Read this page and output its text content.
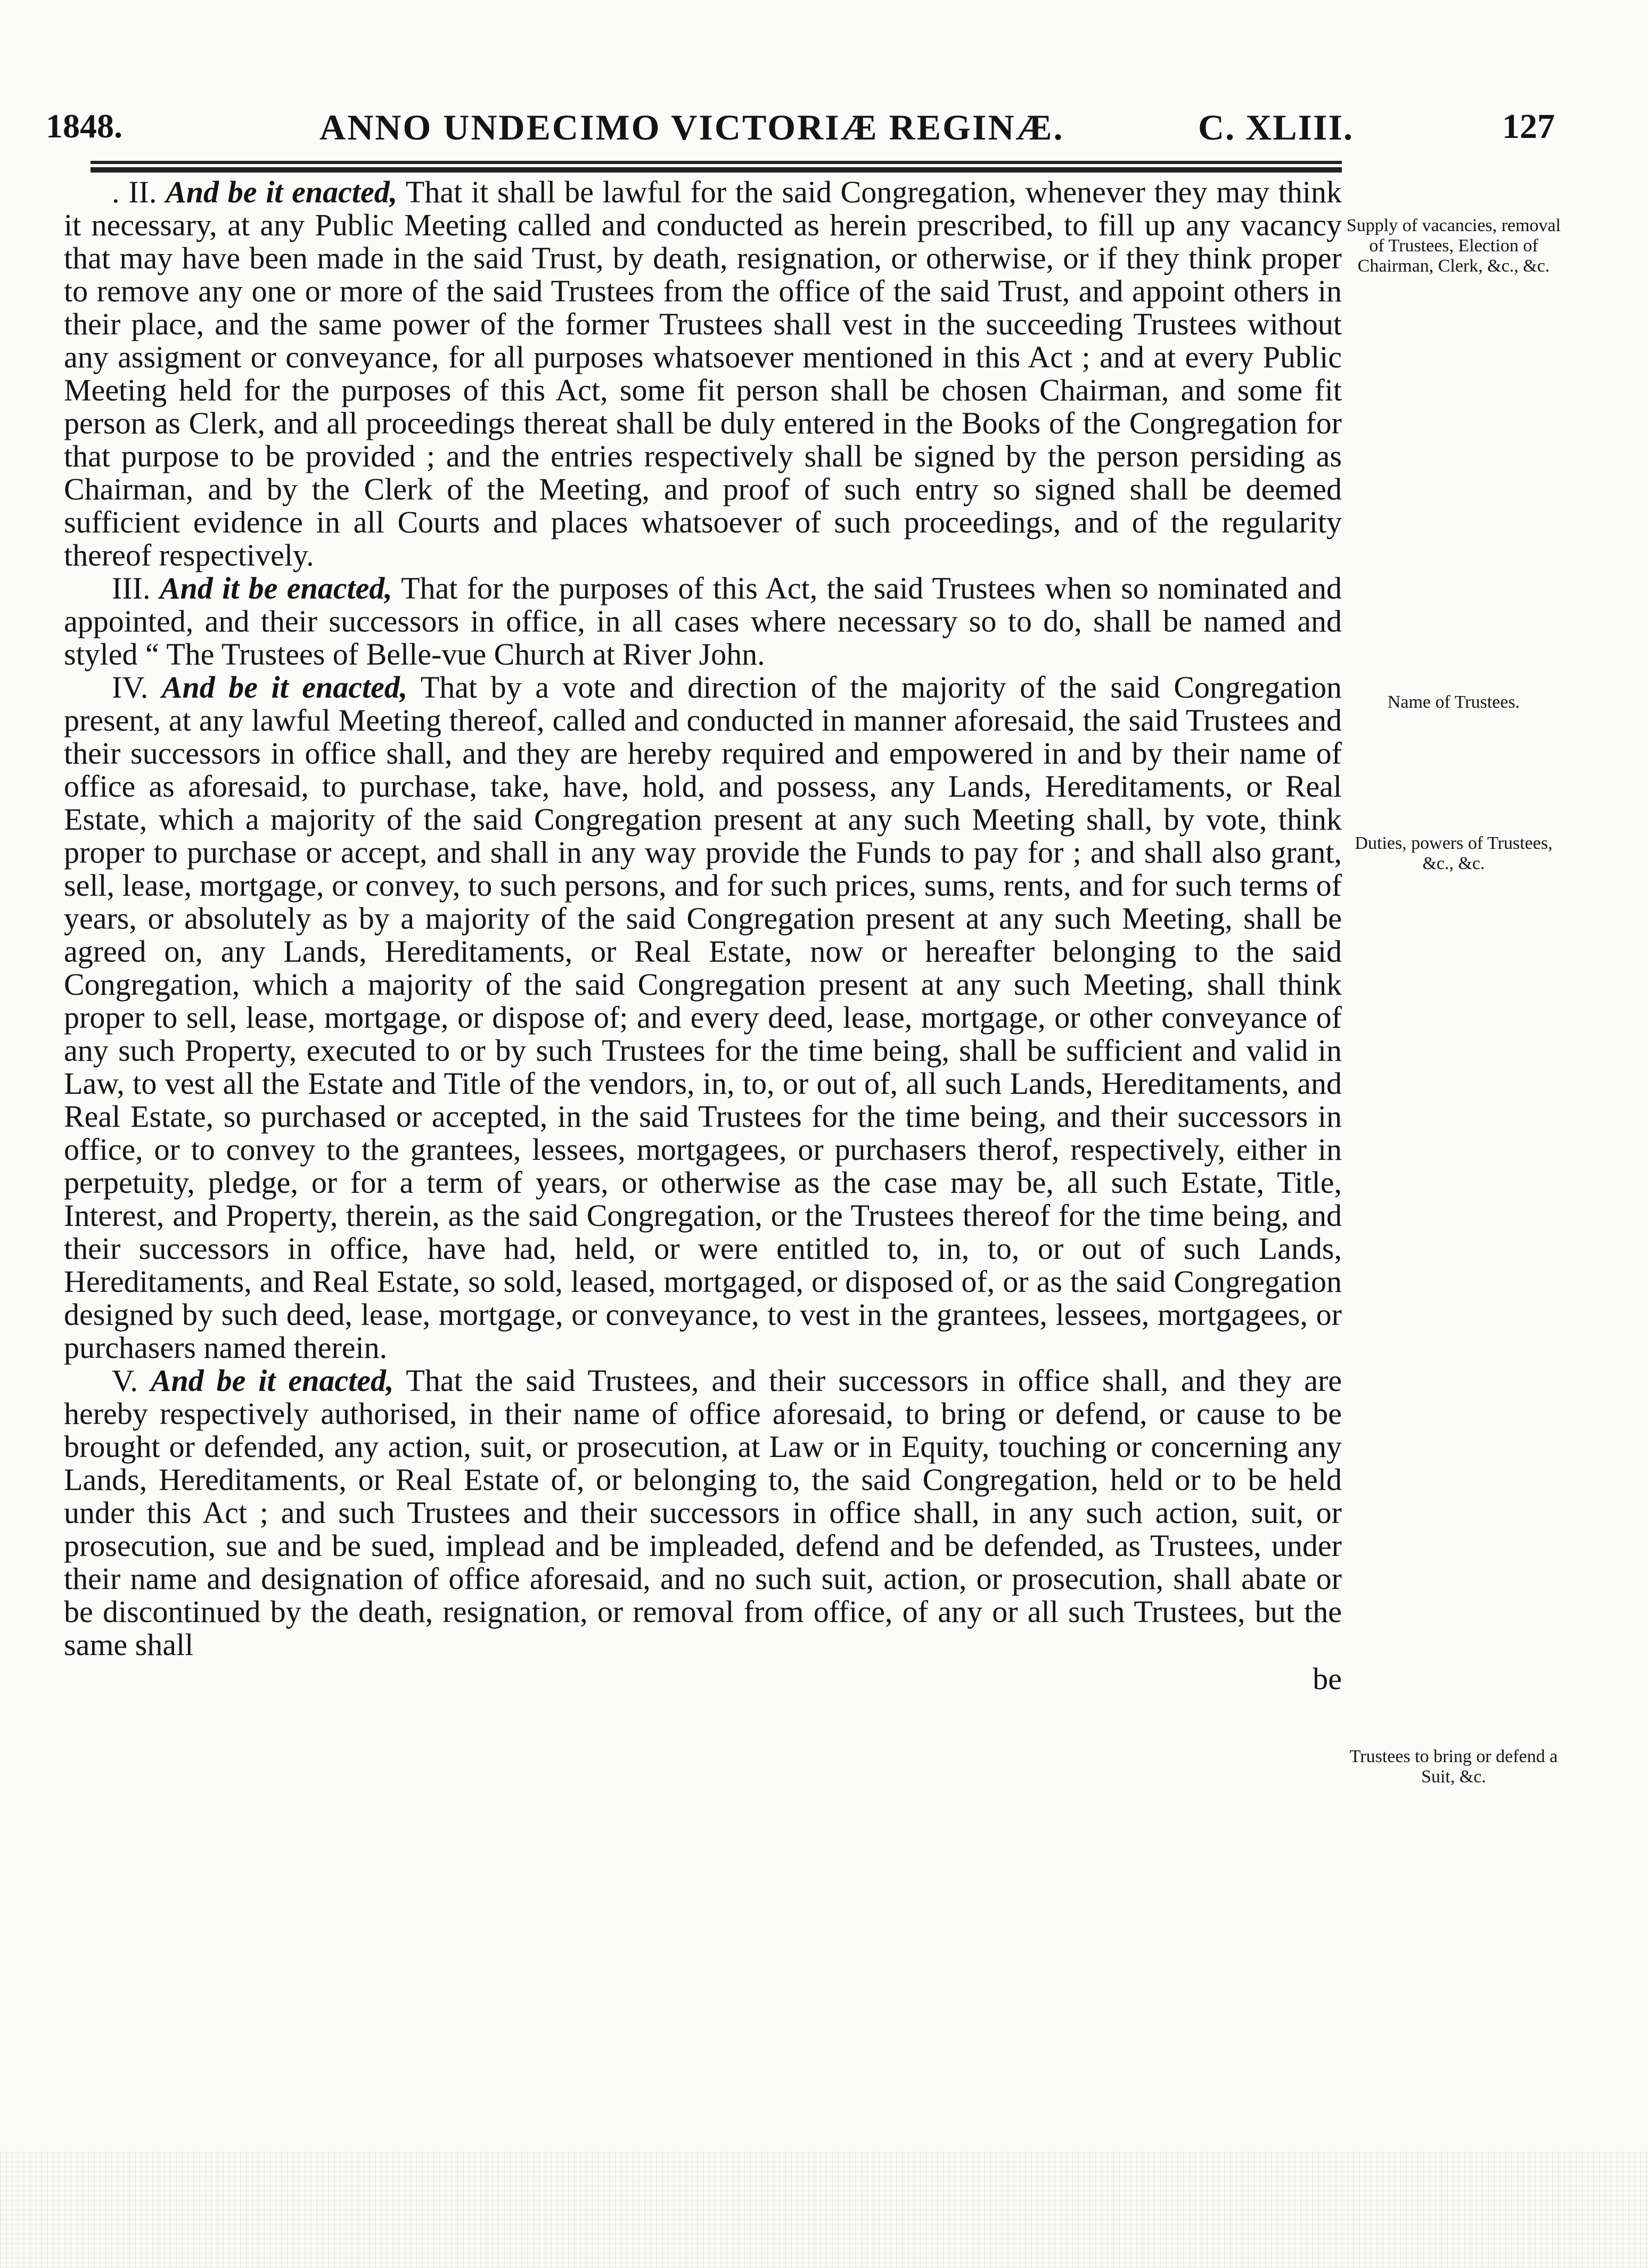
1848.	ANNO UNDECIMO VICTORIÆ REGINÆ.	C. XLIII.	127

. II. And be it enacted, That it shall be lawful for the said Congregation, whenever they may think it necessary, at any Public Meeting called and conducted as herein prescribed, to fill up any vacancy that may have been made in the said Trust, by death, resignation, or otherwise, or if they think proper to remove any one or more of the said Trustees from the office of the said Trust, and appoint others in their place, and the same power of the former Trustees shall vest in the succeeding Trustees without any assigment or conveyance, for all purposes whatsoever mentioned in this Act ; and at every Public Meeting held for the purposes of this Act, some fit person shall be chosen Chairman, and some fit person as Clerk, and all proceedings thereat shall be duly entered in the Books of the Congregation for that purpose to be provided ; and the entries respectively shall be signed by the person persiding as Chairman, and by the Clerk of the Meeting, and proof of such entry so signed shall be deemed sufficient evidence in all Courts and places whatsoever of such proceedings, and of the regularity thereof respectively.

III. And it be enacted, That for the purposes of this Act, the said Trustees when so nominated and appointed, and their successors in office, in all cases where necessary so to do, shall be named and styled “ The Trustees of Belle-vue Church at River John.

IV. And be it enacted, That by a vote and direction of the majority of the said Congregation present, at any lawful Meeting thereof, called and conducted in manner aforesaid, the said Trustees and their successors in office shall, and they are hereby required and empowered in and by their name of office as aforesaid, to purchase, take, have, hold, and possess, any Lands, Hereditaments, or Real Estate, which a majority of the said Congregation present at any such Meeting shall, by vote, think proper to purchase or accept, and shall in any way provide the Funds to pay for ; and shall also grant, sell, lease, mortgage, or convey, to such persons, and for such prices, sums, rents, and for such terms of years, or absolutely as by a majority of the said Congregation present at any such Meeting, shall be agreed on, any Lands, Hereditaments, or Real Estate, now or hereafter belonging to the said Congregation, which a majority of the said Congregation present at any such Meeting, shall think proper to sell, lease, mortgage, or dispose of; and every deed, lease, mortgage, or other conveyance of any such Property, executed to or by such Trustees for the time being, shall be sufficient and valid in Law, to vest all the Estate and Title of the vendors, in, to, or out of, all such Lands, Hereditaments, and Real Estate, so purchased or accepted, in the said Trustees for the time being, and their successors in office, or to convey to the grantees, lessees, mortgagees, or purchasers therof, respectively, either in perpetuity, pledge, or for a term of years, or otherwise as the case may be, all such Estate, Title, Interest, and Property, therein, as the said Congregation, or the Trustees thereof for the time being, and their successors in office, have had, held, or were entitled to, in, to, or out of such Lands, Hereditaments, and Real Estate, so sold, leased, mortgaged, or disposed of, or as the said Congregation designed by such deed, lease, mortgage, or conveyance, to vest in the grantees, lessees, mortgagees, or purchasers named therein.

V. And be it enacted, That the said Trustees, and their successors in office shall, and they are hereby respectively authorised, in their name of office aforesaid, to bring or defend, or cause to be brought or defended, any action, suit, or prosecution, at Law or in Equity, touching or concerning any Lands, Hereditaments, or Real Estate of, or belonging to, the said Congregation, held or to be held under this Act ; and such Trustees and their successors in office shall, in any such action, suit, or prosecution, sue and be sued, implead and be impleaded, defend and be defended, as Trustees, under their name and designation of office aforesaid, and no such suit, action, or prosecution, shall abate or be discontinued by the death, resignation, or removal from office, of any or all such Trustees, but the same shall

be
Supply of vacancies, removal of Trustees, Election of Chairman, Clerk, &c., &c.
Name of Trustees.
Duties, powers of Trustees, &c., &c.
Trustees to bring or defend a Suit, &c.
